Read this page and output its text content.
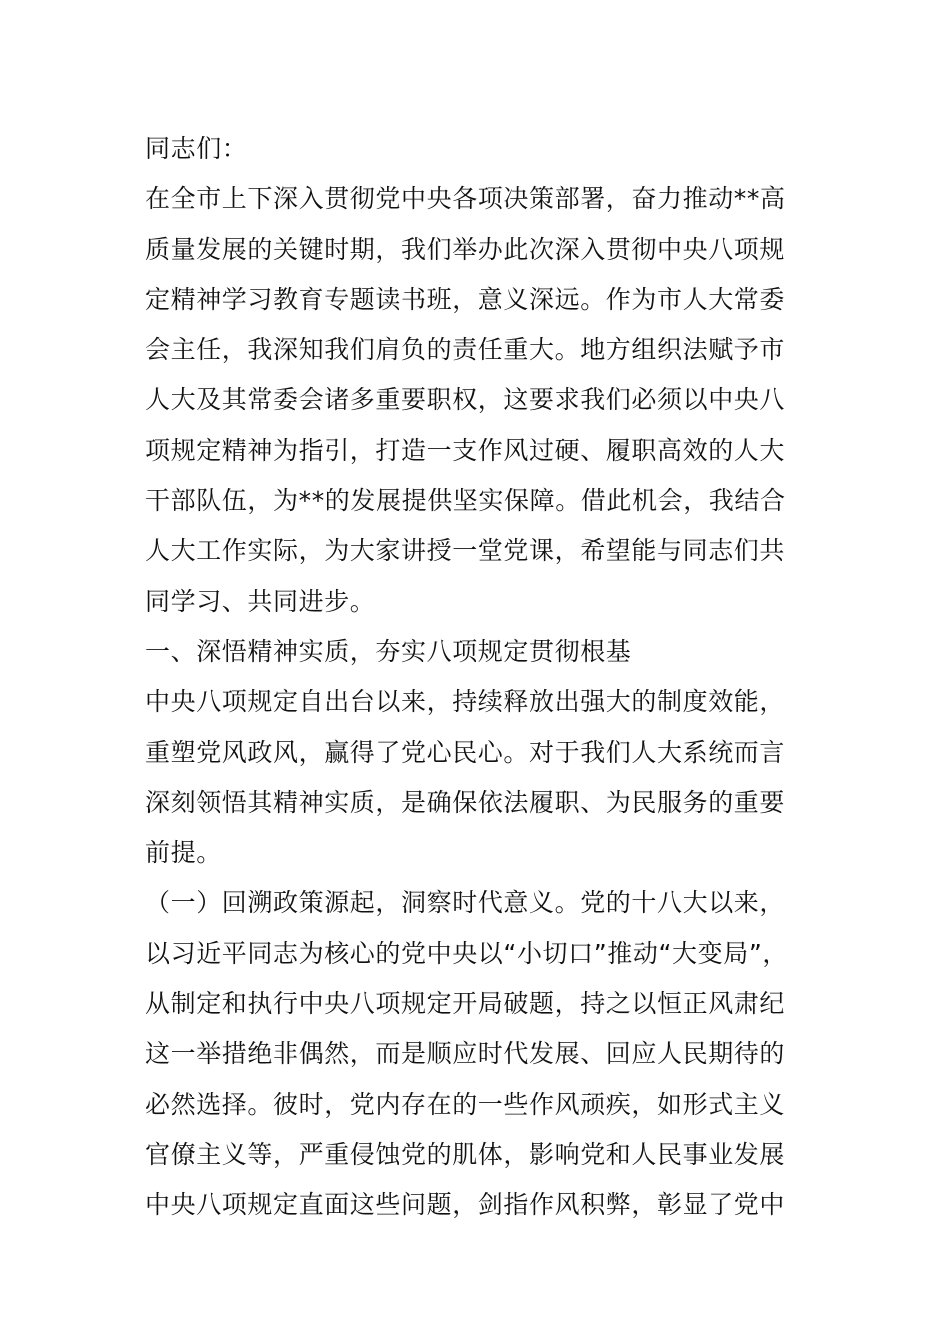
同志们：
在全市上下深入贯彻党中央各项决策部署，奋力推动**高
质量发展的关键时期，我们举办此次深入贯彻中央八项规
定精神学习教育专题读书班，意义深远。作为市人大常委
会主任，我深知我们肩负的责任重大。地方组织法赋予市
人大及其常委会诸多重要职权，这要求我们必须以中央八
项规定精神为指引，打造一支作风过硬、履职高效的人大
干部队伍，为**的发展提供坚实保障。借此机会，我结合
人大工作实际，为大家讲授一堂党课，希望能与同志们共
同学习、共同进步。
一、深悟精神实质，夯实八项规定贯彻根基
中央八项规定自出台以来，持续释放出强大的制度效能，
重塑党风政风，赢得了党心民心。对于我们人大系统而言
深刻领悟其精神实质，是确保依法履职、为民服务的重要
前提。
（一）回溯政策源起，洞察时代意义。党的十八大以来，
以习近平同志为核心的党中央以“小切口”推动“大变局”，
从制定和执行中央八项规定开局破题，持之以恒正风肃纪
这一举措绝非偶然，而是顺应时代发展、回应人民期待的
必然选择。彼时，党内存在的一些作风顽疾，如形式主义
官僚主义等，严重侵蚀党的肌体，影响党和人民事业发展
中央八项规定直面这些问题，剑指作风积弊，彰显了党中
